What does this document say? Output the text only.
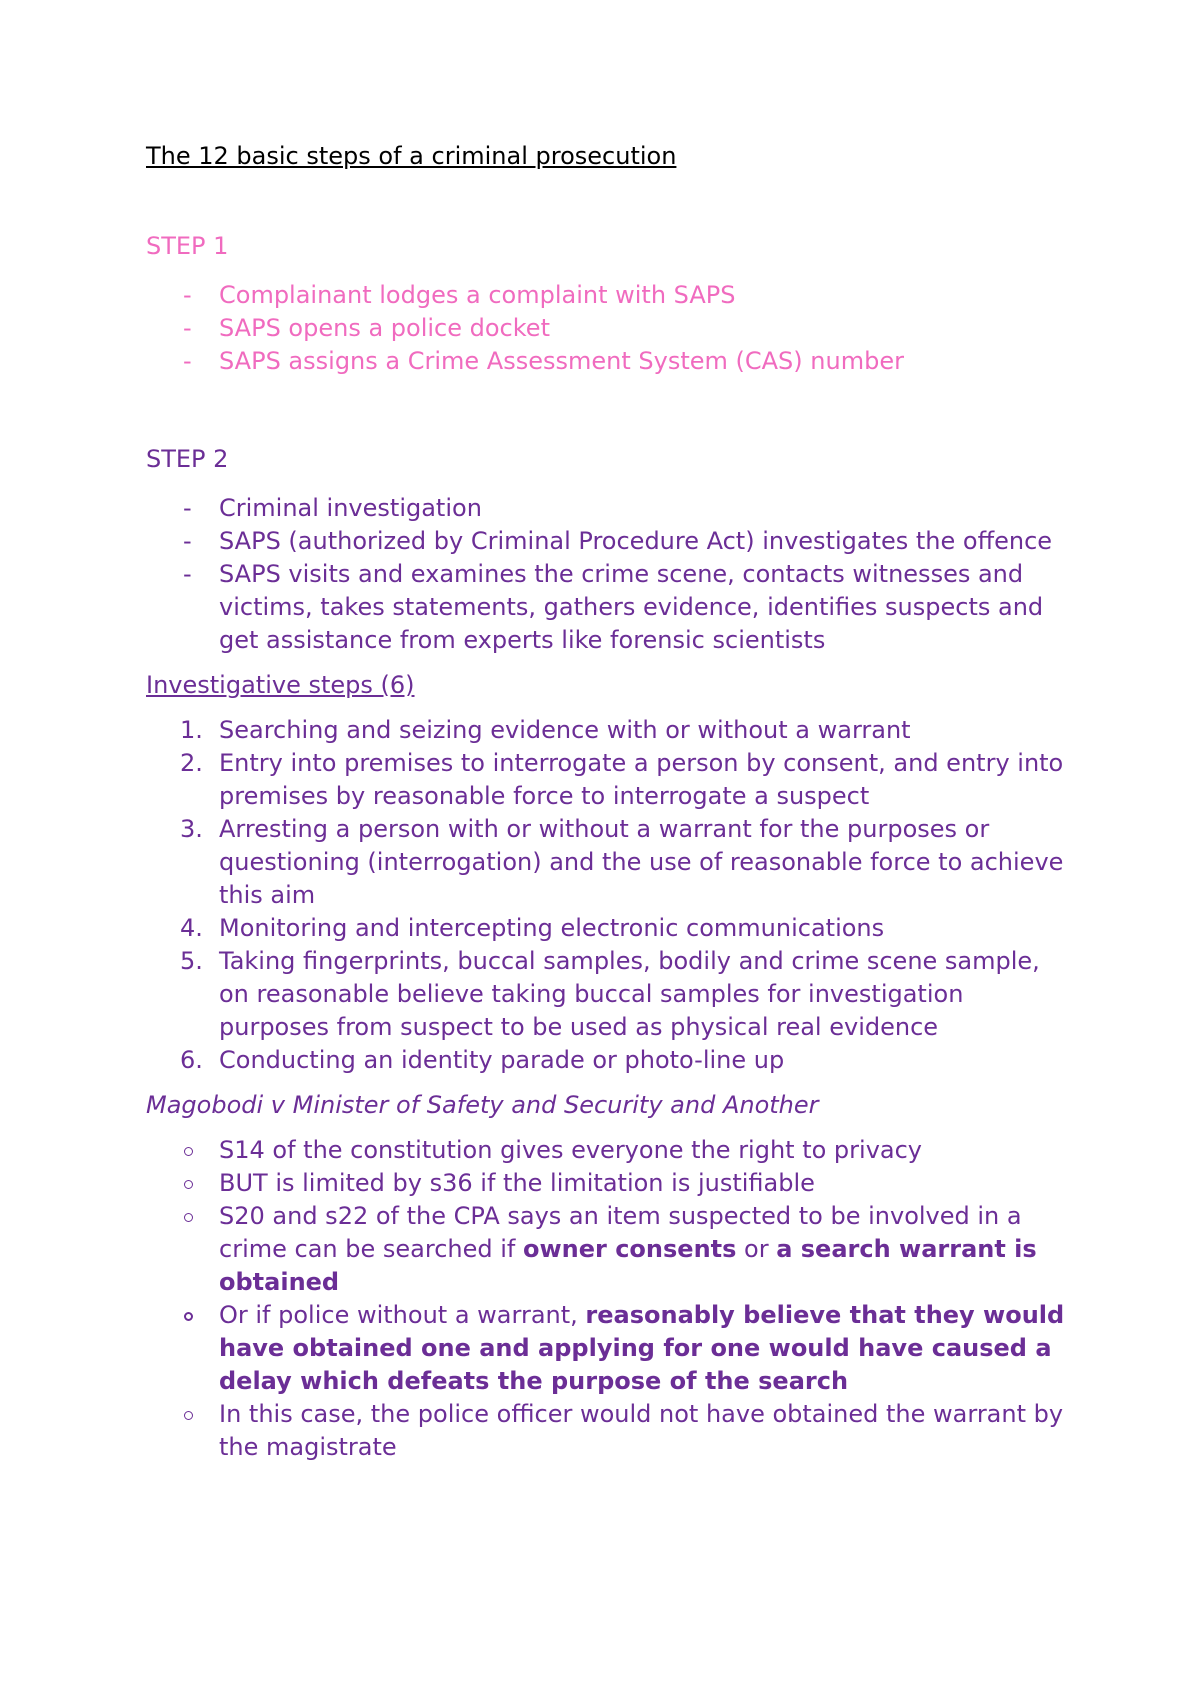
The 12 basic steps of a criminal prosecution

STEP 1

- Complainant lodges a complaint with SAPS
- SAPS opens a police docket
- SAPS assigns a Crime Assessment System (CAS) number

STEP 2

- Criminal investigation
- SAPS (authorized by Criminal Procedure Act) investigates the offence
- SAPS visits and examines the crime scene, contacts witnesses and victims, takes statements, gathers evidence, identifies suspects and get assistance from experts like forensic scientists

Investigative steps (6)

1. Searching and seizing evidence with or without a warrant
2. Entry into premises to interrogate a person by consent, and entry into premises by reasonable force to interrogate a suspect
3. Arresting a person with or without a warrant for the purposes or questioning (interrogation) and the use of reasonable force to achieve this aim
4. Monitoring and intercepting electronic communications
5. Taking fingerprints, buccal samples, bodily and crime scene sample, on reasonable believe taking buccal samples for investigation purposes from suspect to be used as physical real evidence
6. Conducting an identity parade or photo-line up

Magobodi v Minister of Safety and Security and Another

S14 of the constitution gives everyone the right to privacy
BUT is limited by s36 if the limitation is justifiable
S20 and s22 of the CPA says an item suspected to be involved in a crime can be searched if owner consents or a search warrant is obtained
Or if police without a warrant, reasonably believe that they would have obtained one and applying for one would have caused a delay which defeats the purpose of the search
In this case, the police officer would not have obtained the warrant by the magistrate
